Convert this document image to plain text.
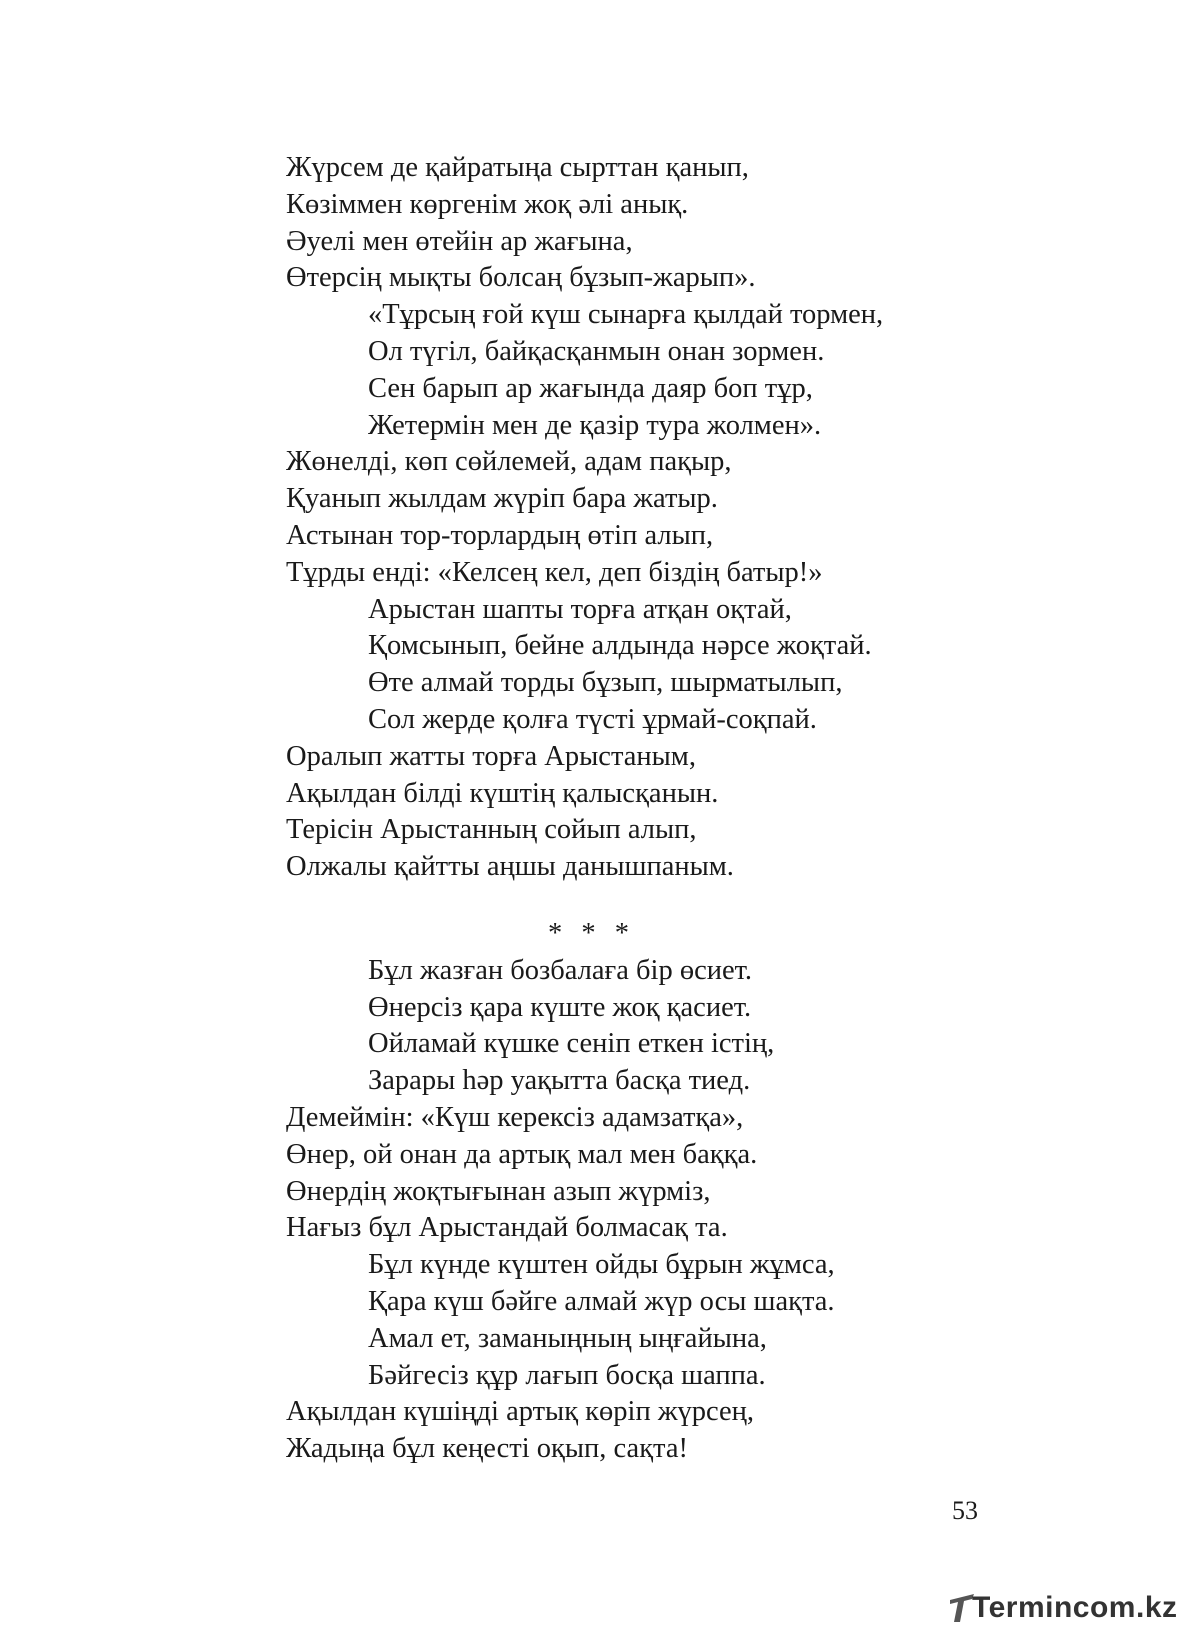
Жүрсем де қайратыңа сырттан қанып,
Көзіммен көргенім жоқ әлі анық.
Әуелі мен өтейін ар жағына,
Өтерсің мықты болсаң бұзып-жарып».
«Тұрсың ғой күш сынарға қылдай тормен,
Ол түгіл, байқасқанмын онан зормен.
Сен барып ар жағында даяр боп тұр,
Жетермін мен де қазір тура жолмен».
Жөнелді, көп сөйлемей, адам пақыр,
Қуанып жылдам жүріп бара жатыр.
Астынан тор-торлардың өтіп алып,
Тұрды енді: «Келсең кел, деп біздің батыр!»
Арыстан шапты торға атқан оқтай,
Қомсынып, бейне алдында нәрсе жоқтай.
Өте алмай торды бұзып, шырматылып,
Сол жерде қолға түсті ұрмай-соқпай.
Оралып жатты торға Арыстаным,
Ақылдан білді күштің қалысқанын.
Терісін Арыстанның сойып алып,
Олжалы қайтты аңшы данышпаным.
* * *
Бұл жазған бозбалаға бір өсиет.
Өнерсіз қара күште жоқ қасиет.
Ойламай күшке сеніп еткен істің,
Зарары һәр уақытта басқа тиед.
Демеймін: «Күш керексіз адамзатқа»,
Өнер, ой онан да артық мал мен баққа.
Өнердің жоқтығынан азып жүрміз,
Нағыз бұл Арыстандай болмасақ та.
Бұл күнде күштен ойды бұрын жұмса,
Қара күш бәйге алмай жүр осы шақта.
Амал ет, заманыңның ыңғайына,
Бәйгесіз құр лағып босқа шаппа.
Ақылдан күшіңді артық көріп жүрсең,
Жадыңа бұл кеңесті оқып, сақта!
53
Termincom.kz
